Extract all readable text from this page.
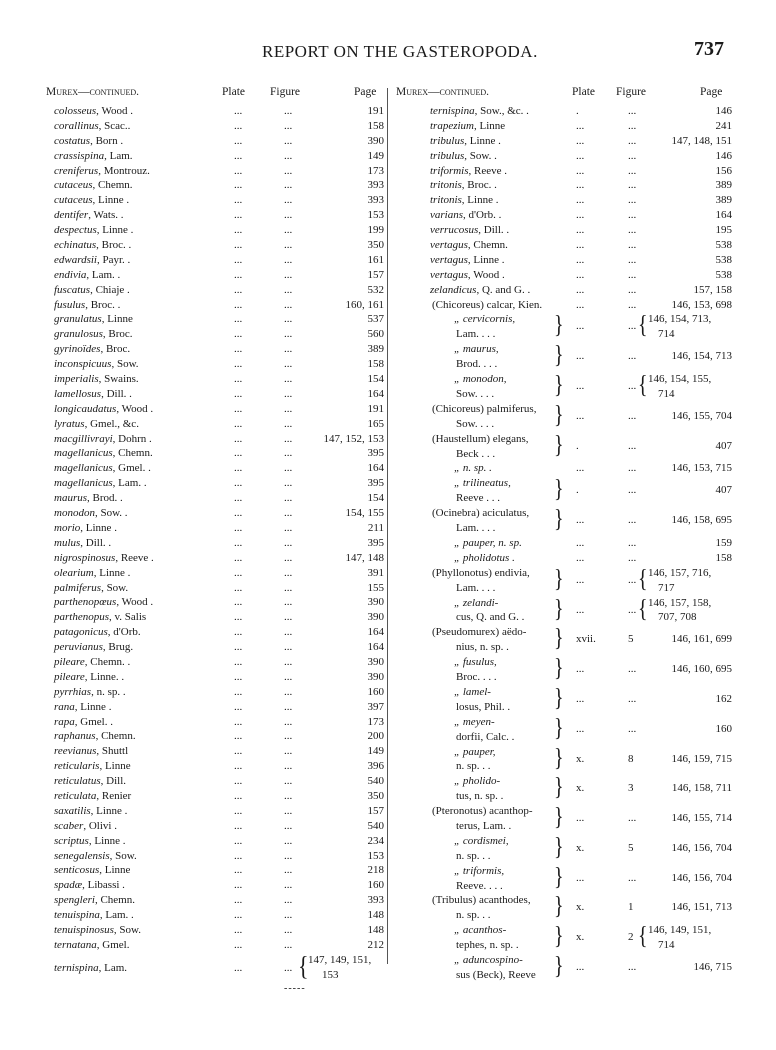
REPORT ON THE GASTEROPODA.	737
Murex—continued.	Plate Figure	Page
colosseus, Wood .	...	...	191
corallinus, Scac..	...	...	158
costatus, Born .	...	...	390
crassispina, Lam.	...	...	149
creniferus, Montrouz.	...	...	173
cutaceus, Chemn.	...	...	393
cutaceus, Linne .	...	...	393
dentifer, Wats. .	...	...	153
despectus, Linne .	...	...	199
echinatus, Broc. .	...	...	350
edwardsii, Payr. .	...	...	161
endivia, Lam. .	...	...	157
fuscatus, Chiaje .	...	...	532
fusulus, Broc. .	...	...	160, 161
granulatus, Linne	...	...	537
granulosus, Broc.	...	...	560
gyrinoïdes, Broc.	...	...	389
inconspicuus, Sow.	...	...	158
imperialis, Swains.	...	...	154
lamellosus, Dill. .	...	...	164
longicaudatus, Wood .	...	...	191
lyratus, Gmel., &c.	...	...	165
macgillivrayi, Dohrn .	...	...	147, 152, 153
magellanicus, Chemn.	...	...	395
magellanicus, Gmel. .	...	...	164
magellanicus, Lam. .	...	...	395
maurus, Brod. .	...	...	154
monodon, Sow. .	...	...	154, 155
morio, Linne .	...	...	211
mulus, Dill. .	...	...	395
nigrospinosus, Reeve .	...	...	147, 148
olearium, Linne .	...	...	391
palmiferus, Sow.	...	...	155
parthenopœus, Wood .	...	...	390
parthenopus, v. Salis	...	...	390
patagonicus, d'Orb.	...	...	164
peruvianus, Brug.	...	...	164
pileare, Chemn. .	...	...	390
pileare, Linne. .	...	...	390
pyrrhias, n. sp. .	...	...	160
rana, Linne .	...	...	397
rapa, Gmel. .	...	...	173
raphanus, Chemn.	...	...	200
reevianus, Shuttl	...	...	149
reticularis, Linne	...	...	396
reticulatus, Dill.	...	...	540
reticulata, Renier	...	...	350
saxatilis, Linne .	...	...	157
scaber, Olivi .	...	...	540
scriptus, Linne .	...	...	234
senegalensis, Sow.	...	...	153
senticosus, Linne	...	...	218
spadæ, Libassi .	...	...	160
spengleri, Chemn.	...	...	393
tenuispina, Lam. .	...	...	148
tenuispinosus, Sow.	...	...	148
ternatana, Gmel.	...	...	212
ternispina, Lam.	...	... { 147, 149, 151,
153
-----
Murex—continued.	Plate Figure	Page
ternispina, Sow., &c. .	.	...	146
trapezium, Linne	...	...	241
tribulus, Linne .	...	...	147, 148, 151
tribulus, Sow. .	...	...	146
triformis, Reeve .	...	...	156
tritonis, Broc. .	...	...	389
tritonis, Linne .	...	...	389
varians, d'Orb. .	...	...	164
verrucosus, Dill. .	...	...	195
vertagus, Chemn.	...	...	538
vertagus, Linne .	...	...	538
vertagus, Wood .	...	...	538
zelandicus, Q. and G. .	...	...	157, 158
(Chicoreus) calcar, Kien.	...	...	146, 153, 698
„ cervicornis,
Lam. . . .	} ...	... { 146, 154, 713,
714
„ maurus,
Brod. . . .	} ...	...	146, 154, 713
„ monodon,
Sow. . . .	} ...	... { 146, 154, 155,
714
(Chicoreus) palmiferus,
Sow. . . .	} ...	...	146, 155, 704
(Haustellum) elegans,
Beck . . .	} .	...	407
„ n. sp. .	...	...	146, 153, 715
„ trilineatus,
Reeve . . .	} .	...	407
(Ocinebra) aciculatus,
Lam. . . .	} ...	...	146, 158, 695
„ pauper, n. sp.	...	...	159
„ pholidotus .	...	...	158
(Phyllonotus) endivia,
Lam. . . .	} ...	... { 146, 157, 716,
717
„ zelandi-
cus, Q. and G. . } ...	... { 146, 157, 158,
707, 708
(Pseudomurex) aëdo-
nius, n. sp. . } xvii.	5	146, 161, 699
„ fusulus,
Broc. . . .	} ...	...	146, 160, 695
„ lamel-
losus, Phil. . } ...	...	162
„ meyen-
dorfii, Calc. . } ...	...	160
„ pauper,
n. sp. . .	} x.	8	146, 159, 715
„ pholido-
tus, n. sp. .	} x.	3	146, 158, 711
(Pteronotus) acanthop-
terus, Lam. . } ...	...	146, 155, 714
„ cordismei,
n. sp. . .	} x.	5	146, 156, 704
„ triformis,
Reeve. . . .	} ...	...	146, 156, 704
(Tribulus) acanthodes,
n. sp. . .	} x.	1	146, 151, 713
„ acanthos-
tephes, n. sp. . } x.	2 { 146, 149, 151,
714
„ aduncospino-
sus (Beck), Reeve } ...	...	146, 715
